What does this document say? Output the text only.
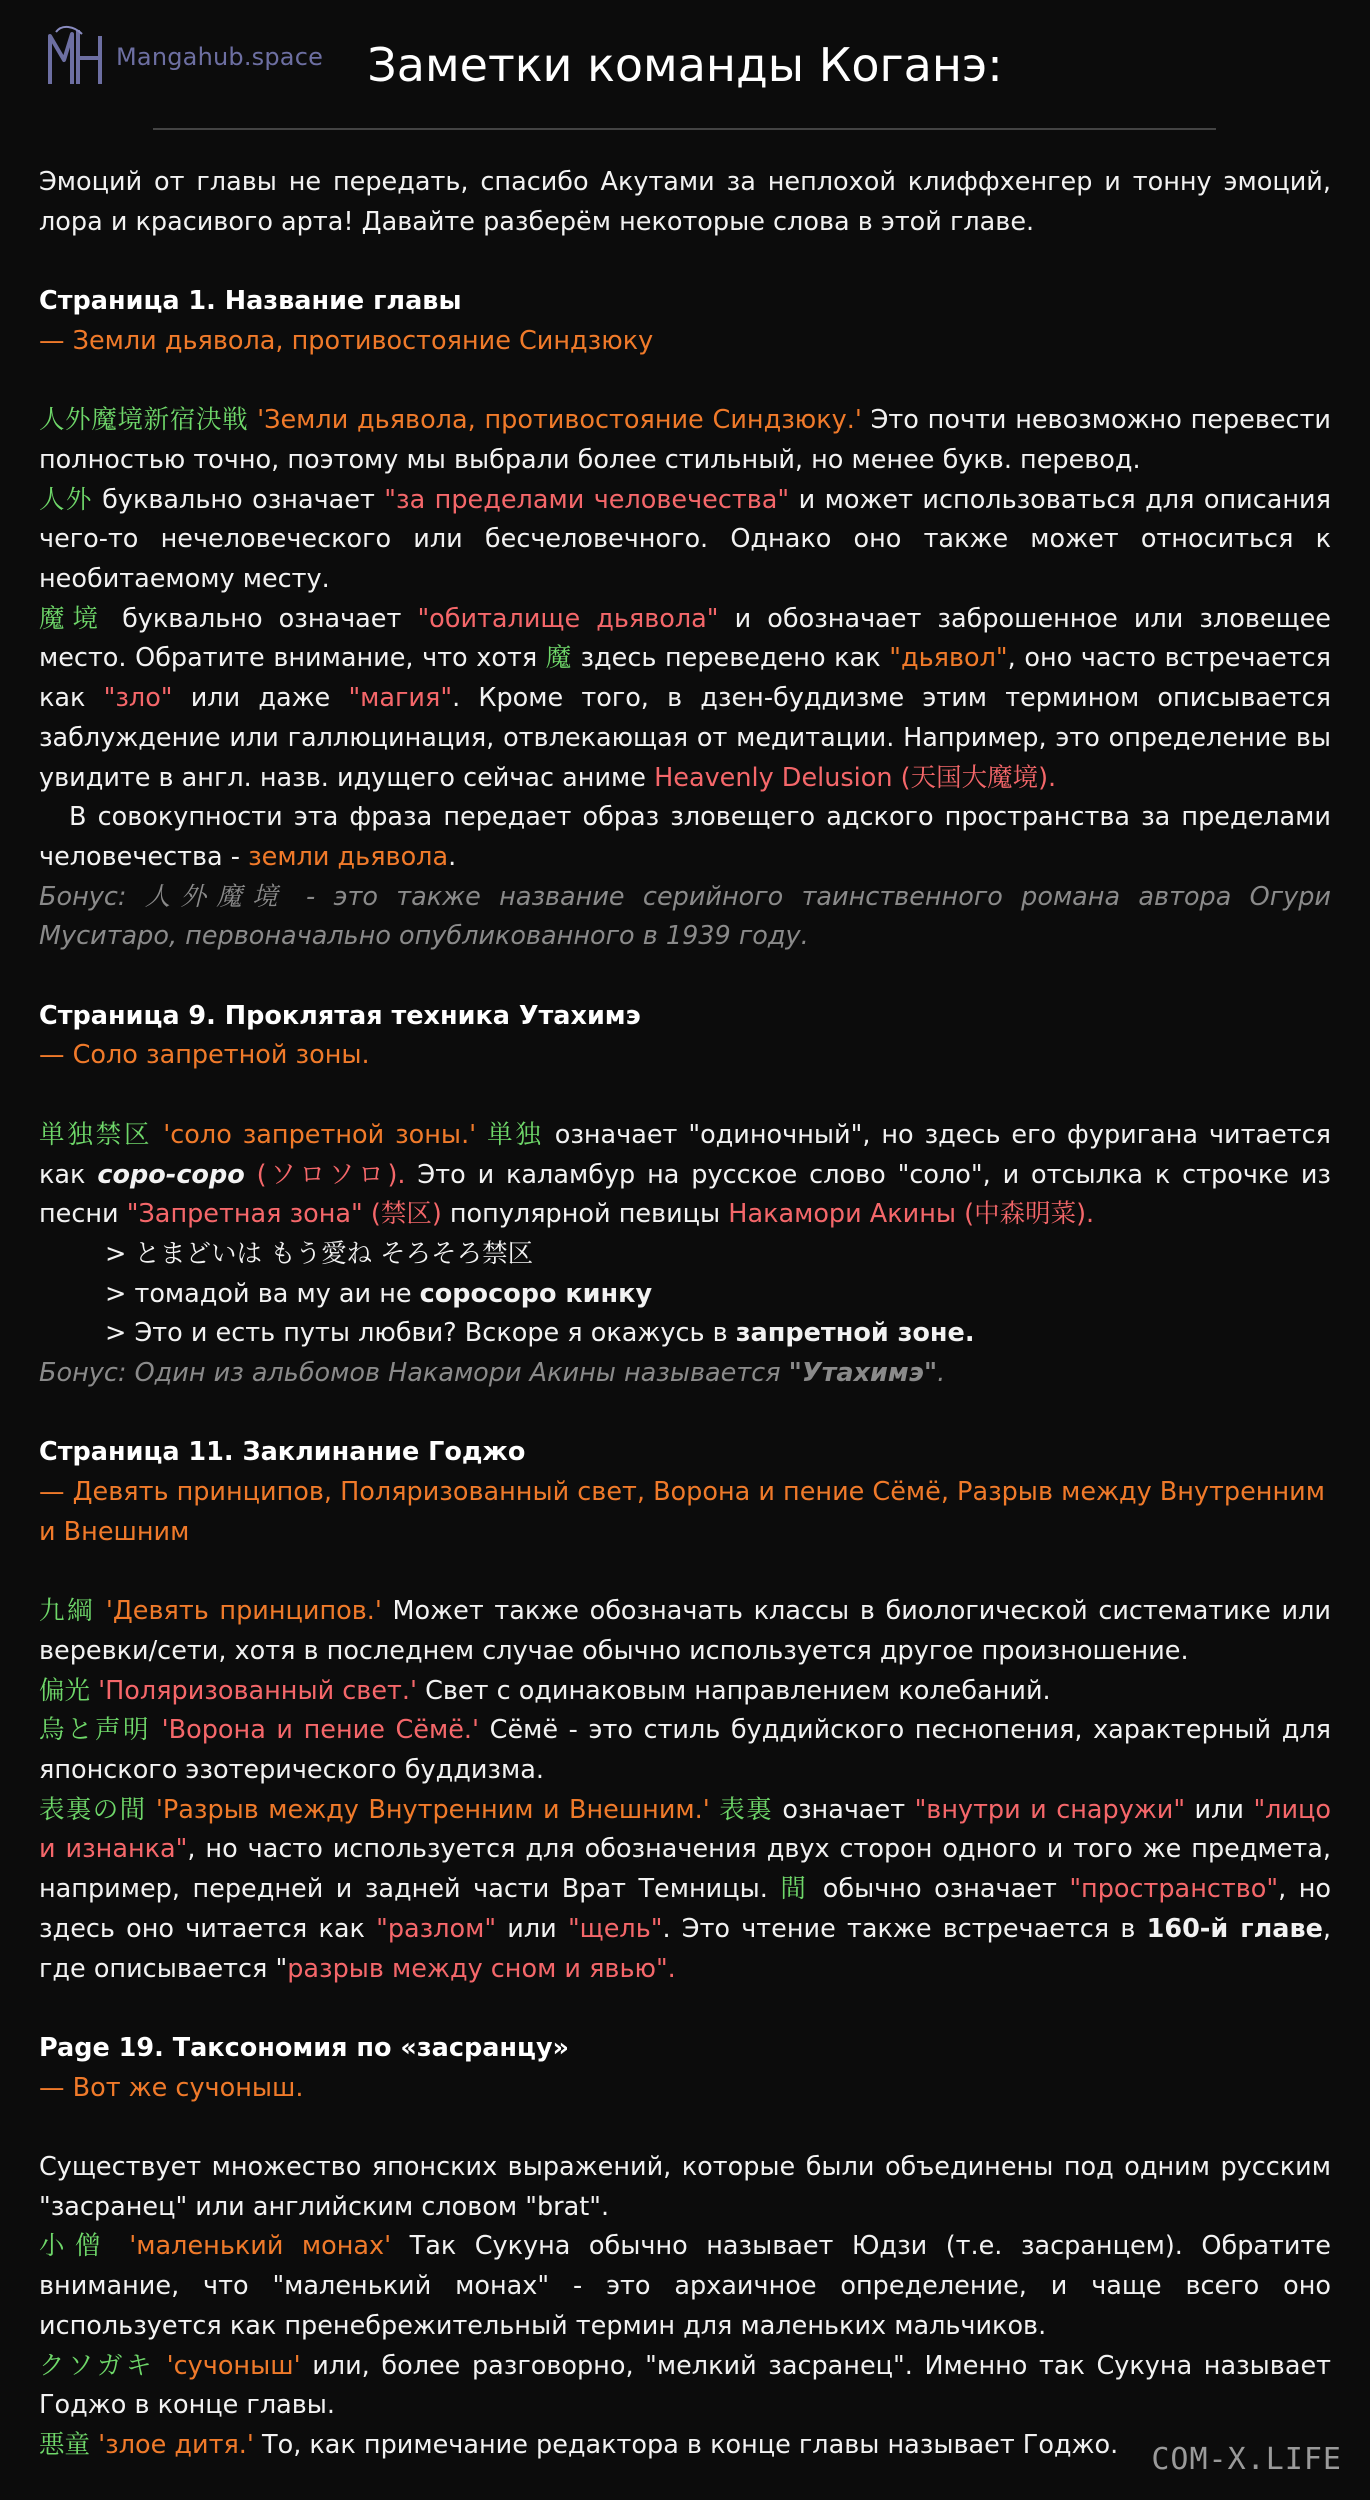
Mangahub.space Заметки команды Коганэ:

Эмоций от главы не передать, спасибо Акутами за неплохой клиффхенгер и тонну эмоций, лора и красивого арта! Давайте разберём некоторые слова в этой главе.

Страница 1. Название главы

— Земли дьявола, противостояние Синдзюку

人外魔境新宿決戦 'Земли дьявола, противостояние Синдзюку.' Это почти невозможно перевести полностью точно, поэтому мы выбрали более стильный, но менее букв. перевод.

人外 буквально означает "за пределами человечества" и может использоваться для описания чего-то нечеловеческого или бесчеловечного. Однако оно также может относиться к необитаемому месту.

魔境 буквально означает "обиталище дьявола" и обозначает заброшенное или зловещее место. Обратите внимание, что хотя 魔 здесь переведено как "дьявол", оно часто встречается как "зло" или даже "магия". Кроме того, в дзен-буддизме этим термином описывается заблуждение или галлюцинация, отвлекающая от медитации. Например, это определение вы увидите в англ. назв. идущего сейчас аниме Heavenly Delusion (天国大魔境).

В совокупности эта фраза передает образ зловещего адского пространства за пределами человечества - земли дьявола.

Бонус: 人外魔境 - это также название серийного таинственного романа автора Огури Муситаро, первоначально опубликованного в 1939 году.

Страница 9. Проклятая техника Утахимэ

— Соло запретной зоны.

単独禁区 'соло запретной зоны.' 単独 означает "одиночный", но здесь его фуригана читается как соро-соро (ソロソロ). Это и каламбур на русское слово "соло", и отсылка к строчке из песни "Запретная зона" (禁区) популярной певицы Накамори Акины (中森明菜).

> とまどいは もう愛ね そろそろ禁区

> томадой ва му аи не соросоро кинку

> Это и есть путы любви? Вскоре я окажусь в запретной зоне.

Бонус: Один из альбомов Накамори Акины называется "Утахимэ".

Страница 11. Заклинание Годжо

— Девять принципов, Поляризованный свет, Ворона и пение Сёмё, Разрыв между Внутренним и Внешним

九綱 'Девять принципов.' Может также обозначать классы в биологической систематике или веревки/сети, хотя в последнем случае обычно используется другое произношение.

偏光 'Поляризованный свет.' Свет с одинаковым направлением колебаний.

烏と声明 'Ворона и пение Сёмё.' Сёмё - это стиль буддийского песнопения, характерный для японского эзотерического буддизма.

表裏の間 'Разрыв между Внутренним и Внешним.' 表裏 означает "внутри и снаружи" или "лицо и изнанка", но часто используется для обозначения двух сторон одного и того же предмета, например, передней и задней части Врат Темницы. 間 обычно означает "пространство", но здесь оно читается как "разлом" или "щель". Это чтение также встречается в 160-й главе, где описывается "разрыв между сном и явью".

Page 19. Таксономия по «засранцу»

— Вот же сучоныш.

Существует множество японских выражений, которые были объединены под одним русским "засранец" или английским словом "brat".

小僧 'маленький монах' Так Сукуна обычно называет Юдзи (т.е. засранцем). Обратите внимание, что "маленький монах" - это архаичное определение, и чаще всего оно используется как пренебрежительный термин для маленьких мальчиков.

クソガキ 'сучоныш' или, более разговорно, "мелкий засранец". Именно так Сукуна называет Годжо в конце главы.

悪童 'злое дитя.' То, как примечание редактора в конце главы называет Годжо.	COM-X.LIFE
